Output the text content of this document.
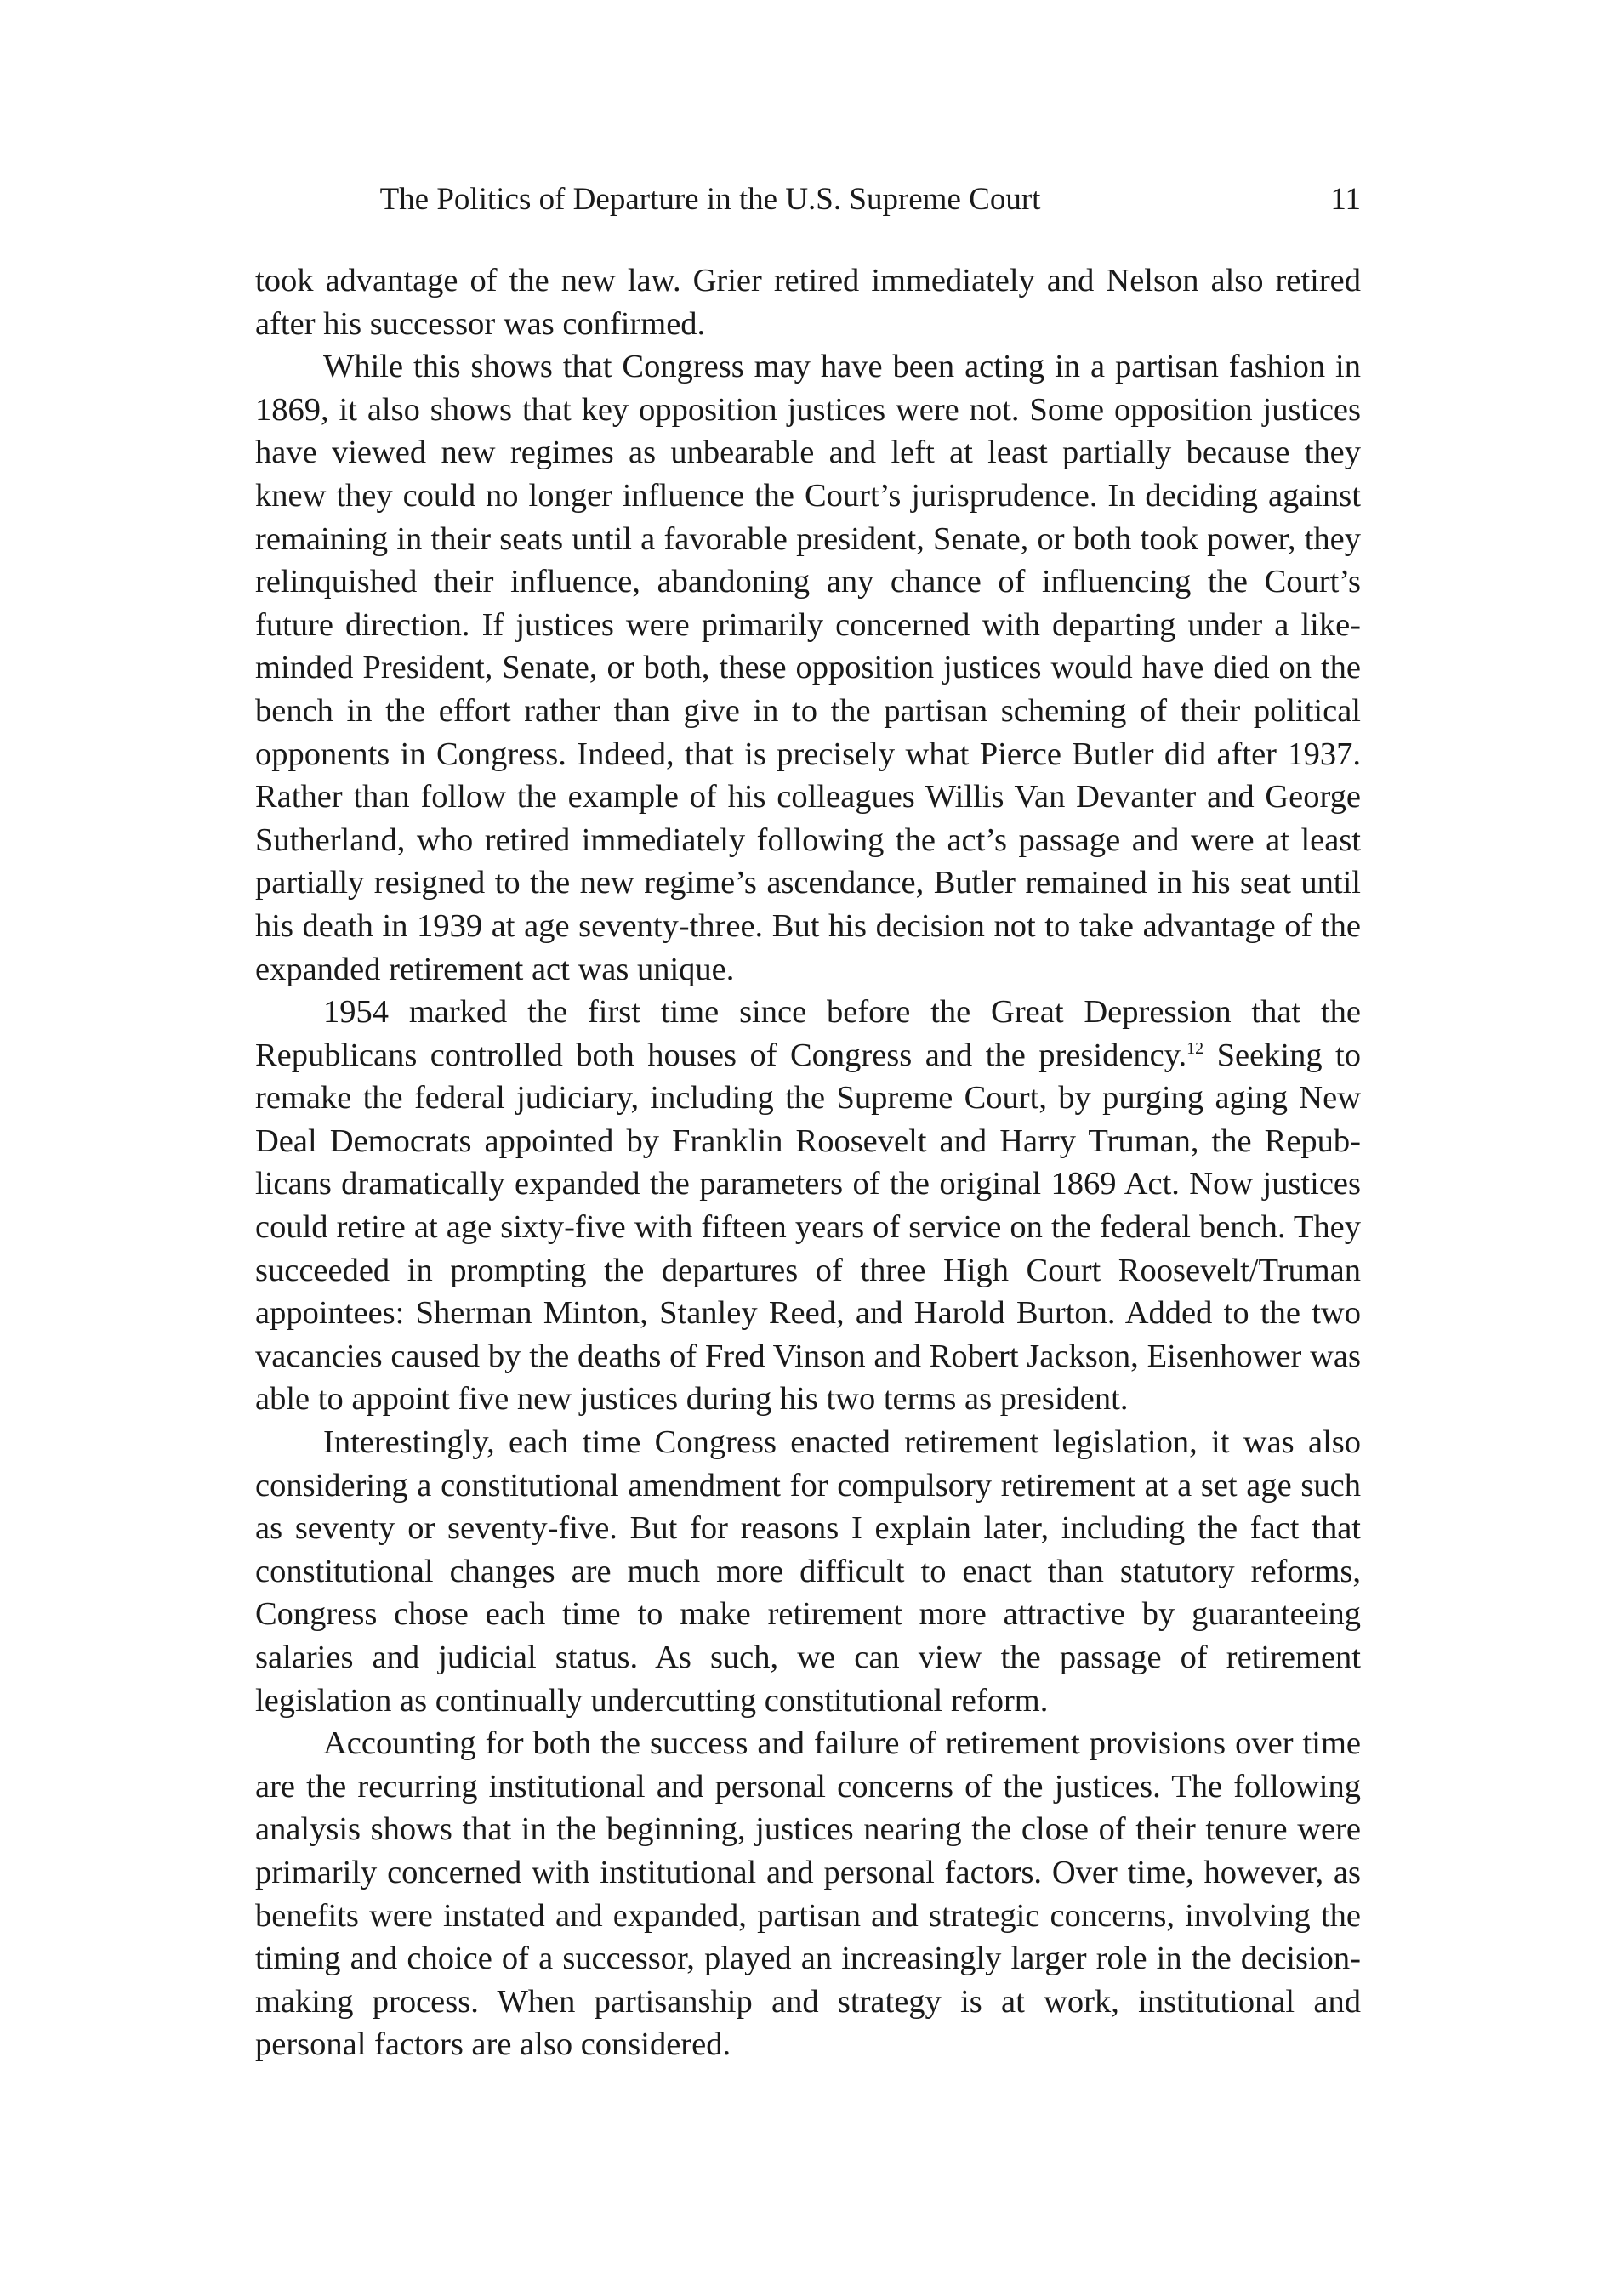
The Politics of Departure in the U.S. Supreme Court	11

took advantage of the new law. Grier retired immediately and Nelson also retired after his successor was confirmed.

While this shows that Congress may have been acting in a partisan fashion in 1869, it also shows that key opposition justices were not. Some opposition justices have viewed new regimes as unbearable and left at least partially because they knew they could no longer influence the Court’s jurisprudence. In deciding against remaining in their seats until a favorable president, Senate, or both took power, they relinquished their influence, abandoning any chance of influencing the Court’s future direction. If justices were primarily concerned with departing under a like-minded President, Senate, or both, these opposition justices would have died on the bench in the effort rather than give in to the partisan scheming of their political opponents in Congress. Indeed, that is precisely what Pierce Butler did after 1937. Rather than follow the example of his colleagues Willis Van Devanter and George Sutherland, who retired immediately following the act’s passage and were at least partially resigned to the new regime’s ascendance, Butler remained in his seat until his death in 1939 at age seventy-three. But his decision not to take advantage of the expanded retirement act was unique.

1954 marked the first time since before the Great Depression that the Republicans controlled both houses of Congress and the presidency.$^{12}$ Seeking to remake the federal judiciary, including the Supreme Court, by purging aging New Deal Democrats appointed by Franklin Roosevelt and Harry Truman, the Republicans dramatically expanded the parameters of the original 1869 Act. Now justices could retire at age sixty-five with fifteen years of service on the federal bench. They succeeded in prompting the departures of three High Court Roosevelt/Truman appointees: Sherman Minton, Stanley Reed, and Harold Burton. Added to the two vacancies caused by the deaths of Fred Vinson and Robert Jackson, Eisenhower was able to appoint five new justices during his two terms as president.

Interestingly, each time Congress enacted retirement legislation, it was also considering a constitutional amendment for compulsory retirement at a set age such as seventy or seventy-five. But for reasons I explain later, including the fact that constitutional changes are much more difficult to enact than statutory reforms, Congress chose each time to make retirement more attractive by guaranteeing salaries and judicial status. As such, we can view the passage of retirement legislation as continually undercutting constitutional reform.

Accounting for both the success and failure of retirement provisions over time are the recurring institutional and personal concerns of the justices. The following analysis shows that in the beginning, justices nearing the close of their tenure were primarily concerned with institutional and personal factors. Over time, however, as benefits were instated and expanded, partisan and strategic concerns, involving the timing and choice of a successor, played an increasingly larger role in the decision-making process. When partisanship and strategy is at work, institutional and personal factors are also considered.
